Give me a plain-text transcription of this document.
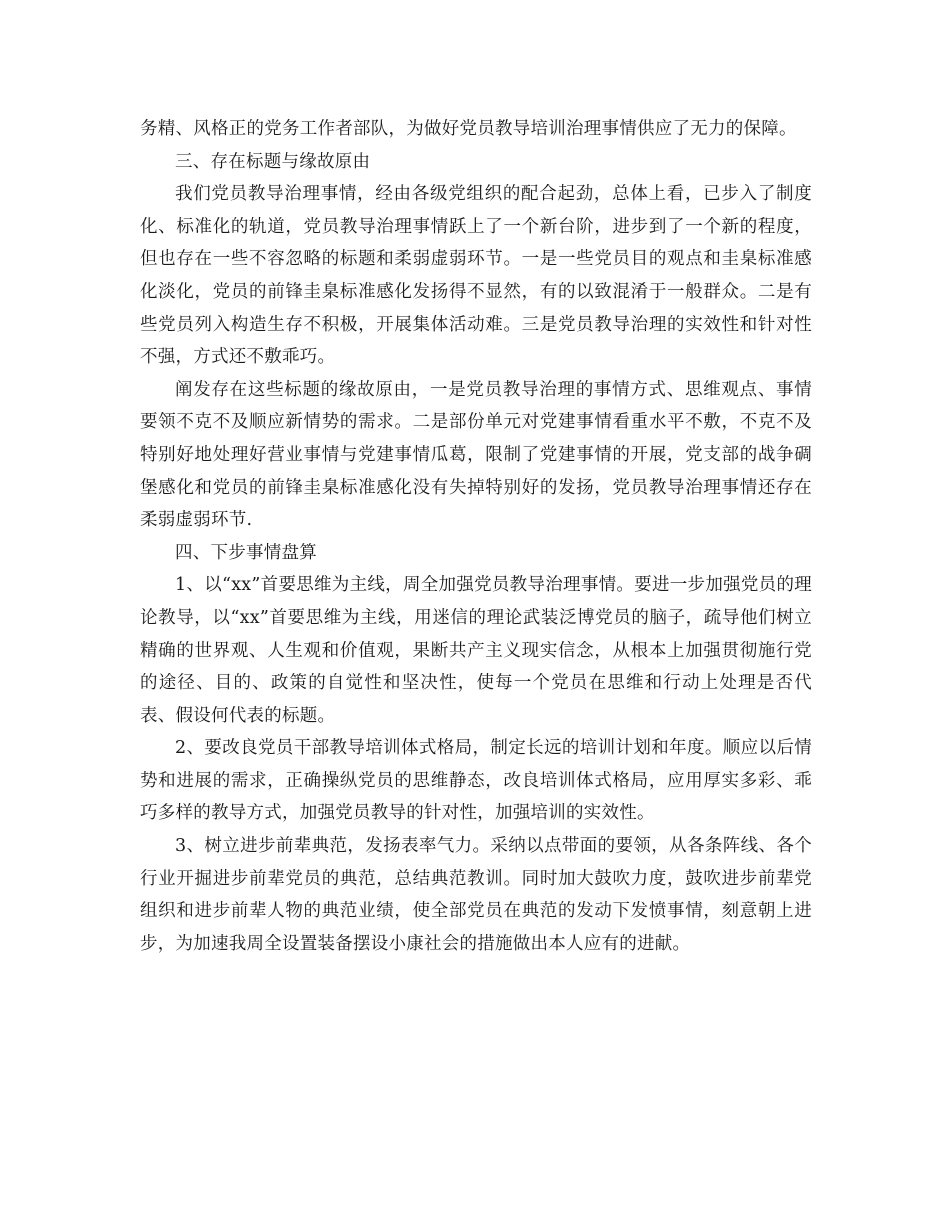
务精、风格正的党务工作者部队，为做好党员教导培训治理事情供应了无力的保障。

三、存在标题与缘故原由

我们党员教导治理事情，经由各级党组织的配合起劲，总体上看，已步入了制度化、标准化的轨道，党员教导治理事情跃上了一个新台阶，进步到了一个新的程度，但也存在一些不容忽略的标题和柔弱虚弱环节。一是一些党员目的观点和圭臬标准感化淡化，党员的前锋圭臬标准感化发扬得不显然，有的以致混淆于一般群众。二是有些党员列入构造生存不积极，开展集体活动难。三是党员教导治理的实效性和针对性不强，方式还不敷乖巧。

阐发存在这些标题的缘故原由，一是党员教导治理的事情方式、思维观点、事情要领不克不及顺应新情势的需求。二是部份单元对党建事情看重水平不敷，不克不及特别好地处理好营业事情与党建事情瓜葛，限制了党建事情的开展，党支部的战争碉堡感化和党员的前锋圭臬标准感化没有失掉特别好的发扬，党员教导治理事情还存在柔弱虚弱环节.

四、下步事情盘算

1、以“xx”首要思维为主线，周全加强党员教导治理事情。要进一步加强党员的理论教导，以“xx”首要思维为主线，用迷信的理论武装泛博党员的脑子，疏导他们树立精确的世界观、人生观和价值观，果断共产主义现实信念，从根本上加强贯彻施行党的途径、目的、政策的自觉性和坚决性，使每一个党员在思维和行动上处理是否代表、假设何代表的标题。

2、要改良党员干部教导培训体式格局，制定长远的培训计划和年度。顺应以后情势和进展的需求，正确操纵党员的思维静态，改良培训体式格局，应用厚实多彩、乖巧多样的教导方式，加强党员教导的针对性，加强培训的实效性。

3、树立进步前辈典范，发扬表率气力。采纳以点带面的要领，从各条阵线、各个行业开掘进步前辈党员的典范，总结典范教训。同时加大鼓吹力度，鼓吹进步前辈党组织和进步前辈人物的典范业绩，使全部党员在典范的发动下发愤事情，刻意朝上进步，为加速我周全设置装备摆设小康社会的措施做出本人应有的进献。
